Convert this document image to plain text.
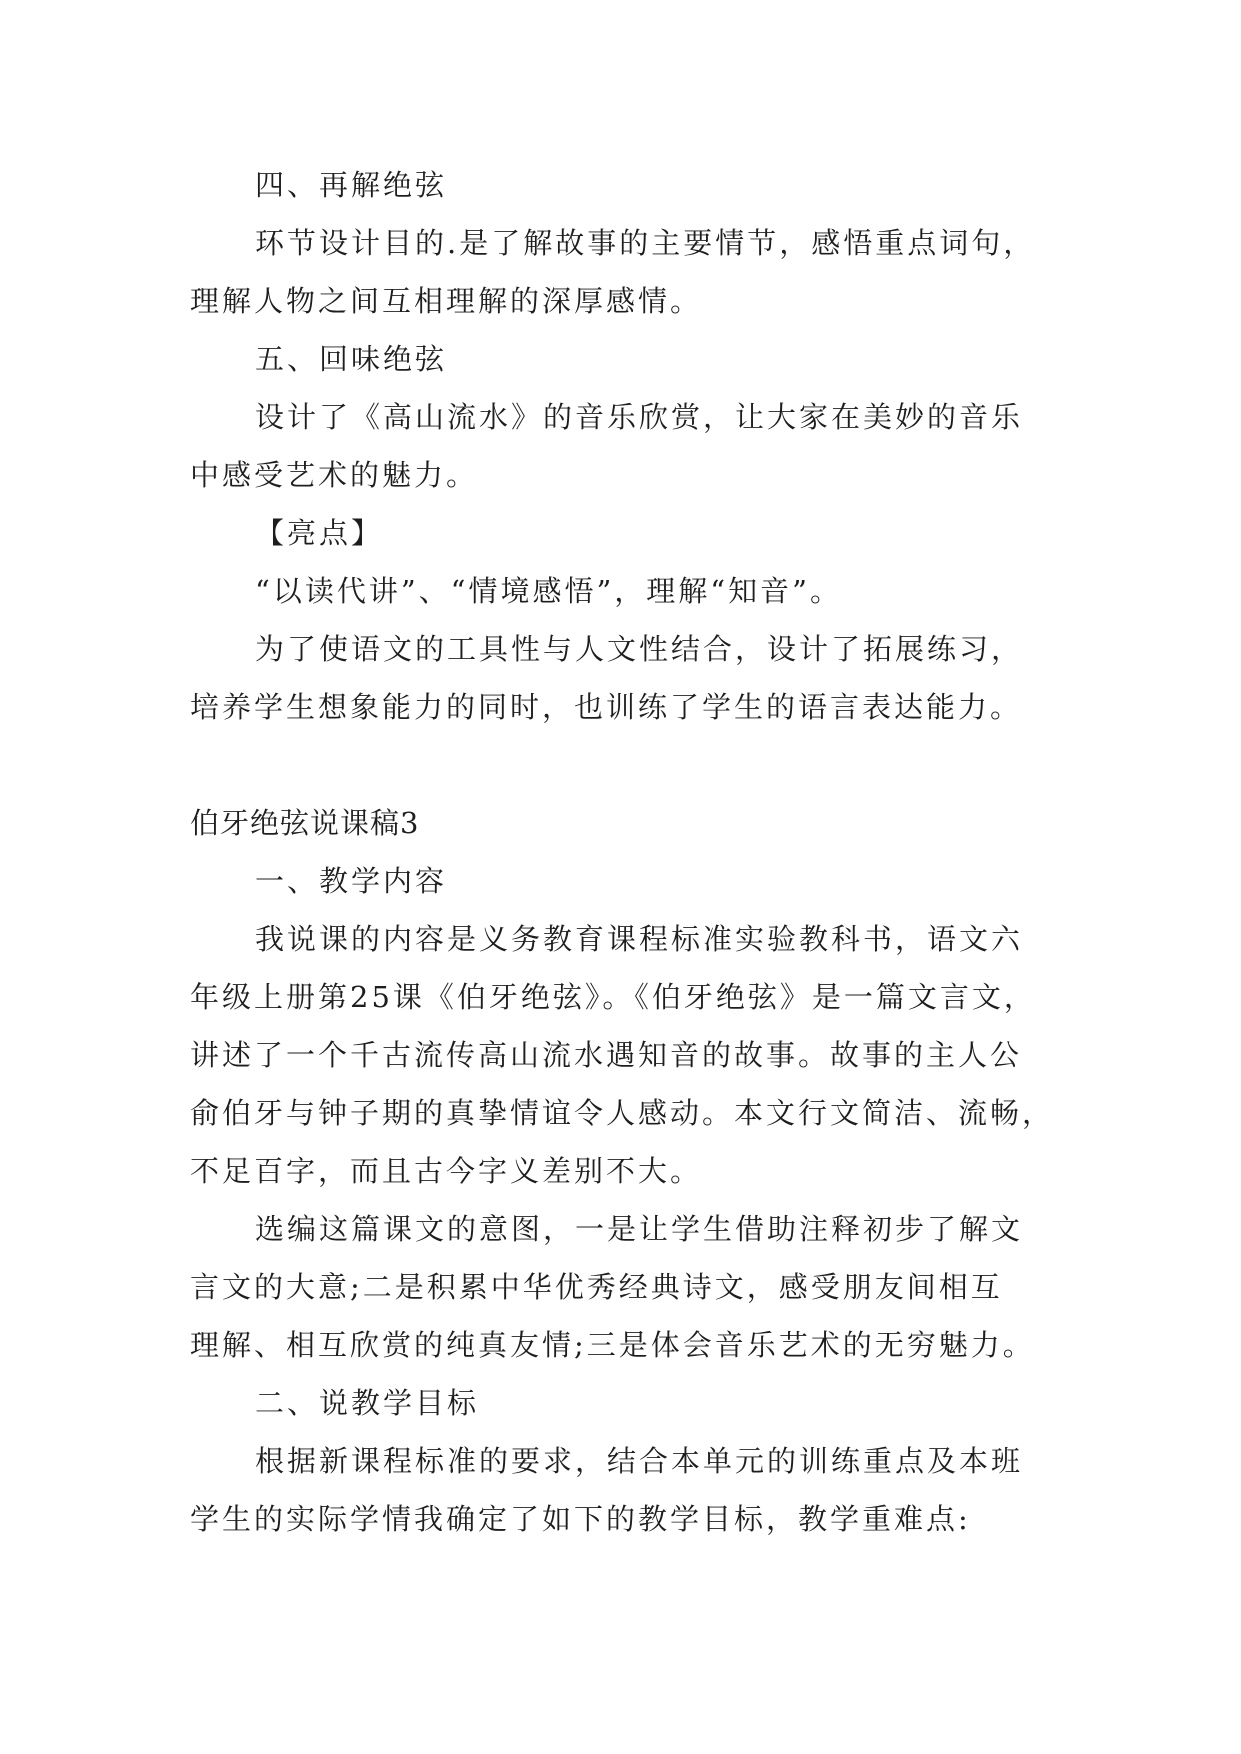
四、再解绝弦
环节设计目的.是了解故事的主要情节，感悟重点词句，
理解人物之间互相理解的深厚感情。
五、回味绝弦
设计了《高山流水》的音乐欣赏，让大家在美妙的音乐
中感受艺术的魅力。
【亮点】
“以读代讲”、“情境感悟”，理解“知音”。
为了使语文的工具性与人文性结合，设计了拓展练习，
培养学生想象能力的同时，也训练了学生的语言表达能力。
伯牙绝弦说课稿3
一、教学内容
我说课的内容是义务教育课程标准实验教科书，语文六
年级上册第25课《伯牙绝弦》。《伯牙绝弦》是一篇文言文，
讲述了一个千古流传高山流水遇知音的故事。故事的主人公
俞伯牙与钟子期的真挚情谊令人感动。本文行文简洁、流畅，
不足百字，而且古今字义差别不大。
选编这篇课文的意图，一是让学生借助注释初步了解文
言文的大意;二是积累中华优秀经典诗文，感受朋友间相互
理解、相互欣赏的纯真友情;三是体会音乐艺术的无穷魅力。
二、说教学目标
根据新课程标准的要求，结合本单元的训练重点及本班
学生的实际学情我确定了如下的教学目标，教学重难点:
